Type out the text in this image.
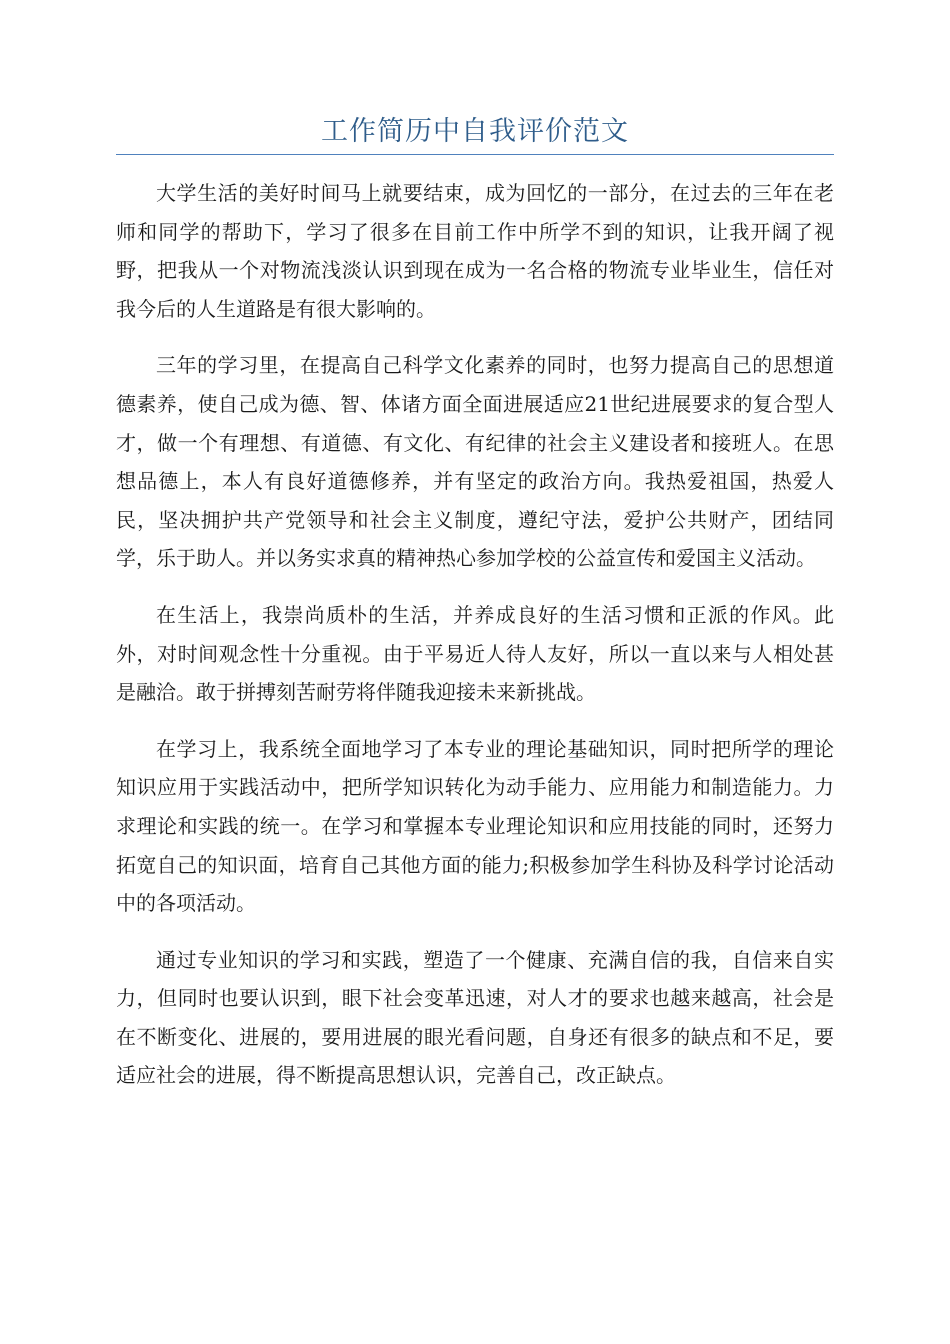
工作简历中自我评价范文

大学生活的美好时间马上就要结束，成为回忆的一部分，在过去的三年在老师和同学的帮助下，学习了很多在目前工作中所学不到的知识，让我开阔了视野，把我从一个对物流浅淡认识到现在成为一名合格的物流专业毕业生，信任对我今后的人生道路是有很大影响的。

三年的学习里，在提高自己科学文化素养的同时，也努力提高自己的思想道德素养，使自己成为德、智、体诸方面全面进展适应21世纪进展要求的复合型人才，做一个有理想、有道德、有文化、有纪律的社会主义建设者和接班人。在思想品德上，本人有良好道德修养，并有坚定的政治方向。我热爱祖国，热爱人民，坚决拥护共产党领导和社会主义制度，遵纪守法，爱护公共财产，团结同学，乐于助人。并以务实求真的精神热心参加学校的公益宣传和爱国主义活动。

在生活上，我崇尚质朴的生活，并养成良好的生活习惯和正派的作风。此外，对时间观念性十分重视。由于平易近人待人友好，所以一直以来与人相处甚是融洽。敢于拼搏刻苦耐劳将伴随我迎接未来新挑战。

在学习上，我系统全面地学习了本专业的理论基础知识，同时把所学的理论知识应用于实践活动中，把所学知识转化为动手能力、应用能力和制造能力。力求理论和实践的统一。在学习和掌握本专业理论知识和应用技能的同时，还努力拓宽自己的知识面，培育自己其他方面的能力;积极参加学生科协及科学讨论活动中的各项活动。

通过专业知识的学习和实践，塑造了一个健康、充满自信的我，自信来自实力，但同时也要认识到，眼下社会变革迅速，对人才的要求也越来越高，社会是在不断变化、进展的，要用进展的眼光看问题，自身还有很多的缺点和不足，要适应社会的进展，得不断提高思想认识，完善自己，改正缺点。
